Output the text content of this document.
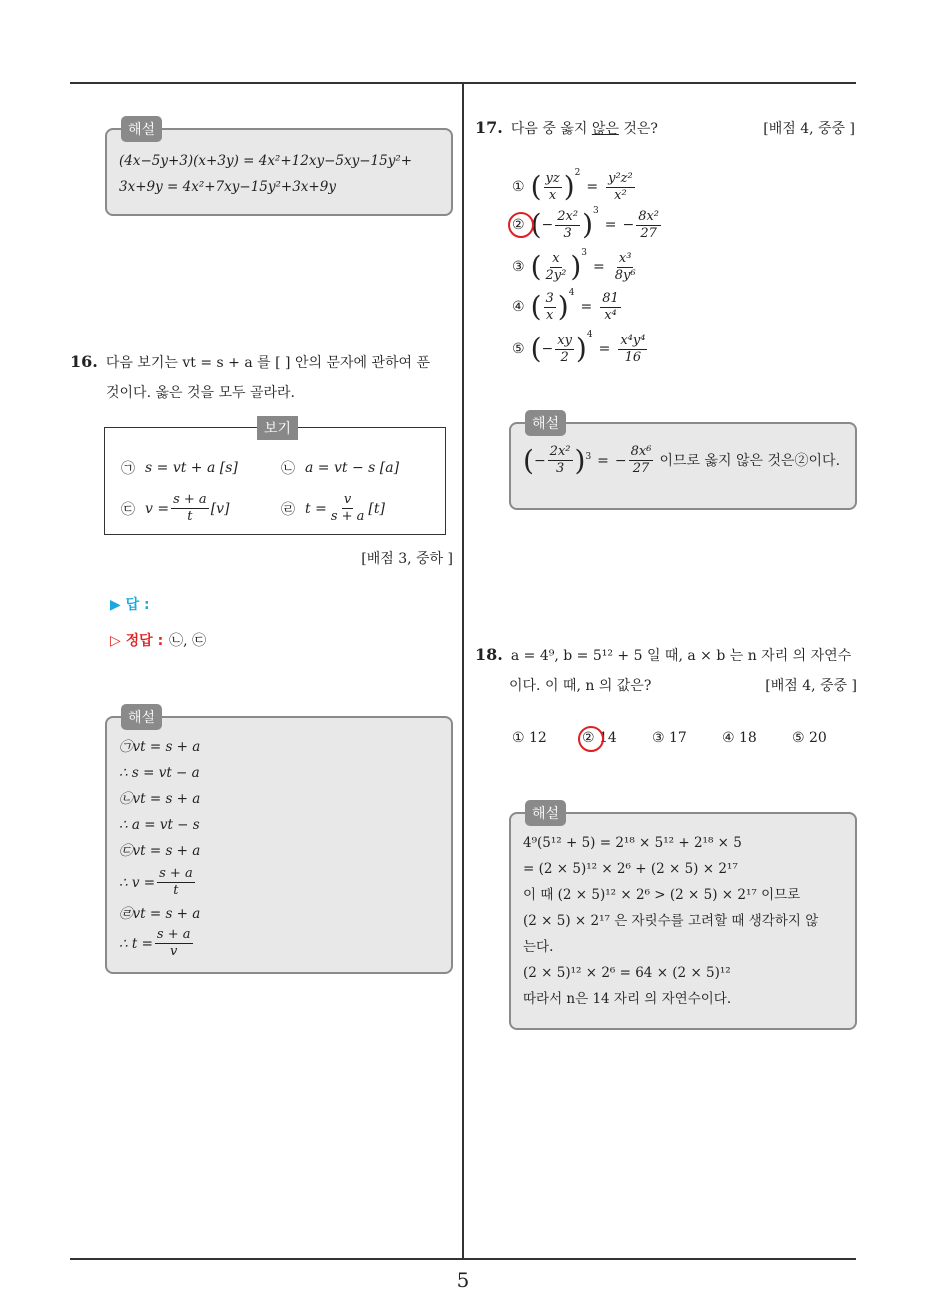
5
해설
(4x−5y+3)(x+3y) = 4x²+12xy−5xy−15y²+
3x+9y = 4x²+7xy−15y²+3x+9y
16. 다음 보기는 vt = s + a 를 [ ] 안의 문자에 관하여 푼
것이다. 옳은 것을 모두 골라라.
보기
㉠ s = vt + a [s]	㉡ a = vt − s [a]
㉢ $v = \frac{s + a}{t} [v]$	㉣ $t = \frac{v}{s + a} [t]$
[배점 3, 중하 ]
▶ 답 :
▷ 정답 : ㉡, ㉢
해설
㉠vt = s + a
∴ s = vt − a
㉡vt = s + a
∴ a = vt − s
㉢vt = s + a
∴ $v = \frac{s + a}{t}$
㉣vt = s + a
∴ $t = \frac{s + a}{v}$
17. 다음 중 옳지 않은 것은?	[배점 4, 중중 ]
① ( $\frac{yz}{x} )^2$
= $\frac{\text{y²z²}}{\text{x²}}$
② ( − $\frac{\text{2x²}}{3} )^3$
= − $\frac{\text{8x²}}{27}$
③ ( $\frac{x}{\text{2y²}} )^3$
= $\frac{\text{x³}}{\text{8y⁶}}$
④ ( $\frac{3}{x} )^4$
= $\frac{81}{\text{x⁴}}$
⑤ ( − $\frac{xy}{2} )^4$
= $\frac{\text{x⁴y⁴}}{16}$
해설
( − $\frac{\text{2x²}}{3} )^3$ = − $\frac{\text{8x⁶}}{27}$ 이므로 옳지 않은 것은②이다.
18. a = 4⁹, b = 5¹² + 5 일 때, a × b 는 n 자리 의 자연수
이다. 이 때, n 의 값은?	[배점 4, 중중 ]
① 12	② 14	③ 17	④ 18	⑤ 20
해설
4⁹(5¹² + 5) = 2¹⁸ × 5¹² + 2¹⁸ × 5
= (2 × 5)¹² × 2⁶ + (2 × 5) × 2¹⁷
이 때 (2 × 5)¹² × 2⁶ > (2 × 5) × 2¹⁷ 이므로
(2 × 5) × 2¹⁷ 은 자릿수를 고려할 때 생각하지 않
는다.
(2 × 5)¹² × 2⁶ = 64 × (2 × 5)¹²
따라서 n은 14 자리 의 자연수이다.
